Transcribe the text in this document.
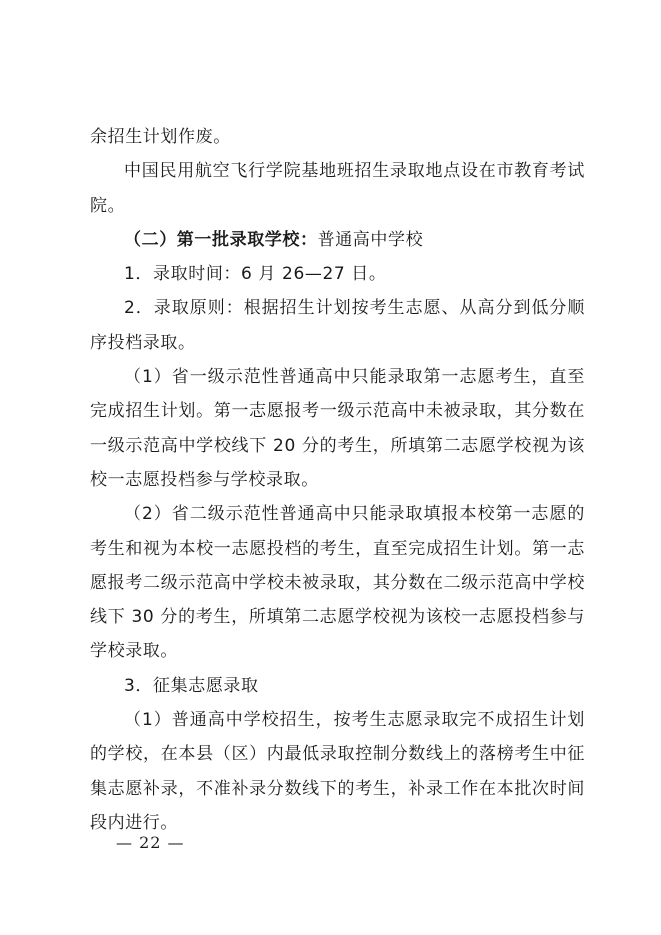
余招生计划作废。

中国民用航空飞行学院基地班招生录取地点设在市教育考试院。

（二）第一批录取学校：普通高中学校

1．录取时间：6 月 26—27 日。

2．录取原则：根据招生计划按考生志愿、从高分到低分顺序投档录取。

（1）省一级示范性普通高中只能录取第一志愿考生，直至完成招生计划。第一志愿报考一级示范高中未被录取，其分数在一级示范高中学校线下 20 分的考生，所填第二志愿学校视为该校一志愿投档参与学校录取。

（2）省二级示范性普通高中只能录取填报本校第一志愿的考生和视为本校一志愿投档的考生，直至完成招生计划。第一志愿报考二级示范高中学校未被录取，其分数在二级示范高中学校线下 30 分的考生，所填第二志愿学校视为该校一志愿投档参与学校录取。

3．征集志愿录取

（1）普通高中学校招生，按考生志愿录取完不成招生计划的学校，在本县（区）内最低录取控制分数线上的落榜考生中征集志愿补录，不准补录分数线下的考生，补录工作在本批次时间段内进行。

— 22 —
